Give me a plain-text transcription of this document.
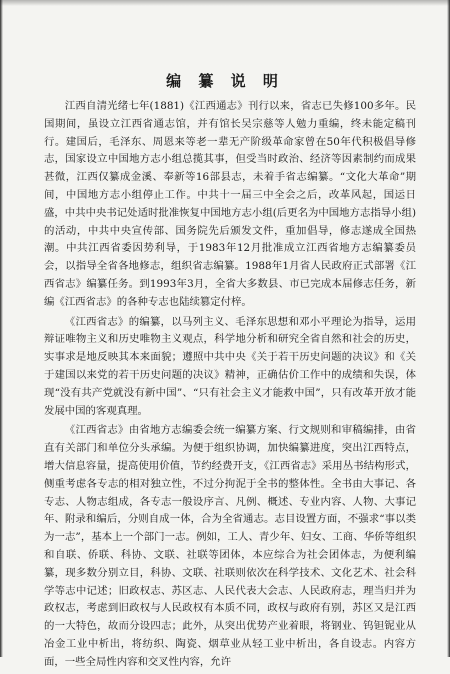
编 纂 说 明

江西自清光绪七年(1881)《江西通志》刊行以来，省志已失修100多年。民国期间，虽设立江西省通志馆，并有馆长吴宗慈等人勉力重编，终未能定稿刊行。建国后，毛泽东、周恩来等老一辈无产阶级革命家曾在50年代积极倡导修志，国家设立中国地方志小组总揽其事，但受当时政治、经济等因素制约而成果甚微，江西仅纂成金溪、奉新等16部县志，未着手省志编纂。“文化大革命”期间，中国地方志小组停止工作。中共十一届三中全会之后，改革风起，国运日盛，中共中央书记处适时批准恢复中国地方志小组(后更名为中国地方志指导小组)的活动，中共中央宣传部、国务院先后颁发文件，重加倡导，修志遂成全国热潮。中共江西省委因势利导，于1983年12月批准成立江西省地方志编纂委员会，以指导全省各地修志，组织省志编纂。1988年1月省人民政府正式部署《江西省志》编纂任务。到1993年3月，全省大多数县、市已完成本届修志任务，新编《江西省志》的各种专志也陆续篡定付梓。

《江西省志》的编纂，以马列主义、毛泽东思想和邓小平理论为指导，运用辩证唯物主义和历史唯物主义观点，科学地分析和研究全省自然和社会的历史，实事求是地反映其本来面貌；遵照中共中央《关于若干历史问题的决议》和《关于建国以来党的若干历史问题的决议》精神，正确估价工作中的成绩和失误，体现“没有共产党就没有新中国”、“只有社会主义才能救中国”，只有改革开放才能发展中国的客观真理。

《江西省志》由省地方志编委会统一编纂方案、行文规则和审稿编排，由省直有关部门和单位分头承编。为便于组织协调，加快编纂进度，突出江西特点，增大信息容量，提高使用价值，节约经费开支，《江西省志》采用丛书结构形式，侧重考虑各专志的相对独立性，不过分拘泥于全书的整体性。全书由大事记、各专志、人物志组成，各专志一般设序言、凡例、概述、专业内容、人物、大事记年、附录和编后，分则自成一体，合为全省通志。志目设置方面，不强求“事以类为一志”，基本上一个部门一志。例如，工人、青少年、妇女、工商、华侨等组织和自联、侨联、科协、文联、社联等团体，本应综合为社会团体志，为便利编纂，现多数分别立目，科协、文联、社联则依次在科学技术、文化艺术、社会科学等志中记述；旧政权志、苏区志、人民代表大会志、人民政府志，理当归并为政权志，考虑到旧政权与人民政权有本质不同，政权与政府有别，苏区又是江西的一大特色，故而分设四志；此外，从突出优势产业着眼，将钢业、钨钽铌业从冶金工业中析出，将纺织、陶瓷、烟草业从轻工业中析出，各自设志。内容方面，一些全局性内容和交叉性内容，允许
